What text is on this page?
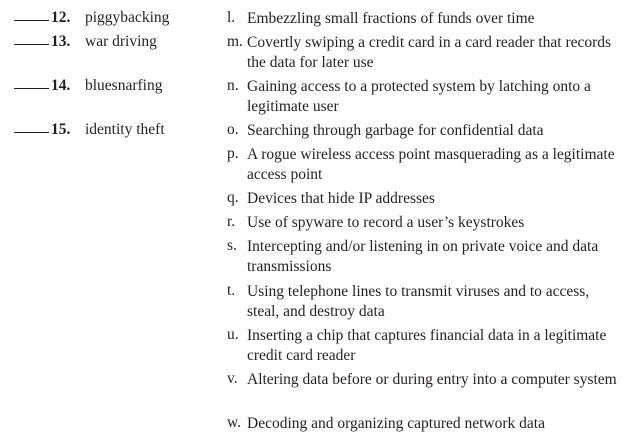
12. piggybacking
13. war driving
14. bluesnarfing
15. identity theft
l. Embezzling small fractions of funds over time
m. Covertly swiping a credit card in a card reader that records the data for later use
n. Gaining access to a protected system by latching onto a legitimate user
o. Searching through garbage for confidential data
p. A rogue wireless access point masquerading as a legitimate access point
q. Devices that hide IP addresses
r. Use of spyware to record a user’s keystrokes
s. Intercepting and/or listening in on private voice and data transmissions
t. Using telephone lines to transmit viruses and to access, steal, and destroy data
u. Inserting a chip that captures financial data in a legitimate credit card reader
v. Altering data before or during entry into a computer system
w. Decoding and organizing captured network data
